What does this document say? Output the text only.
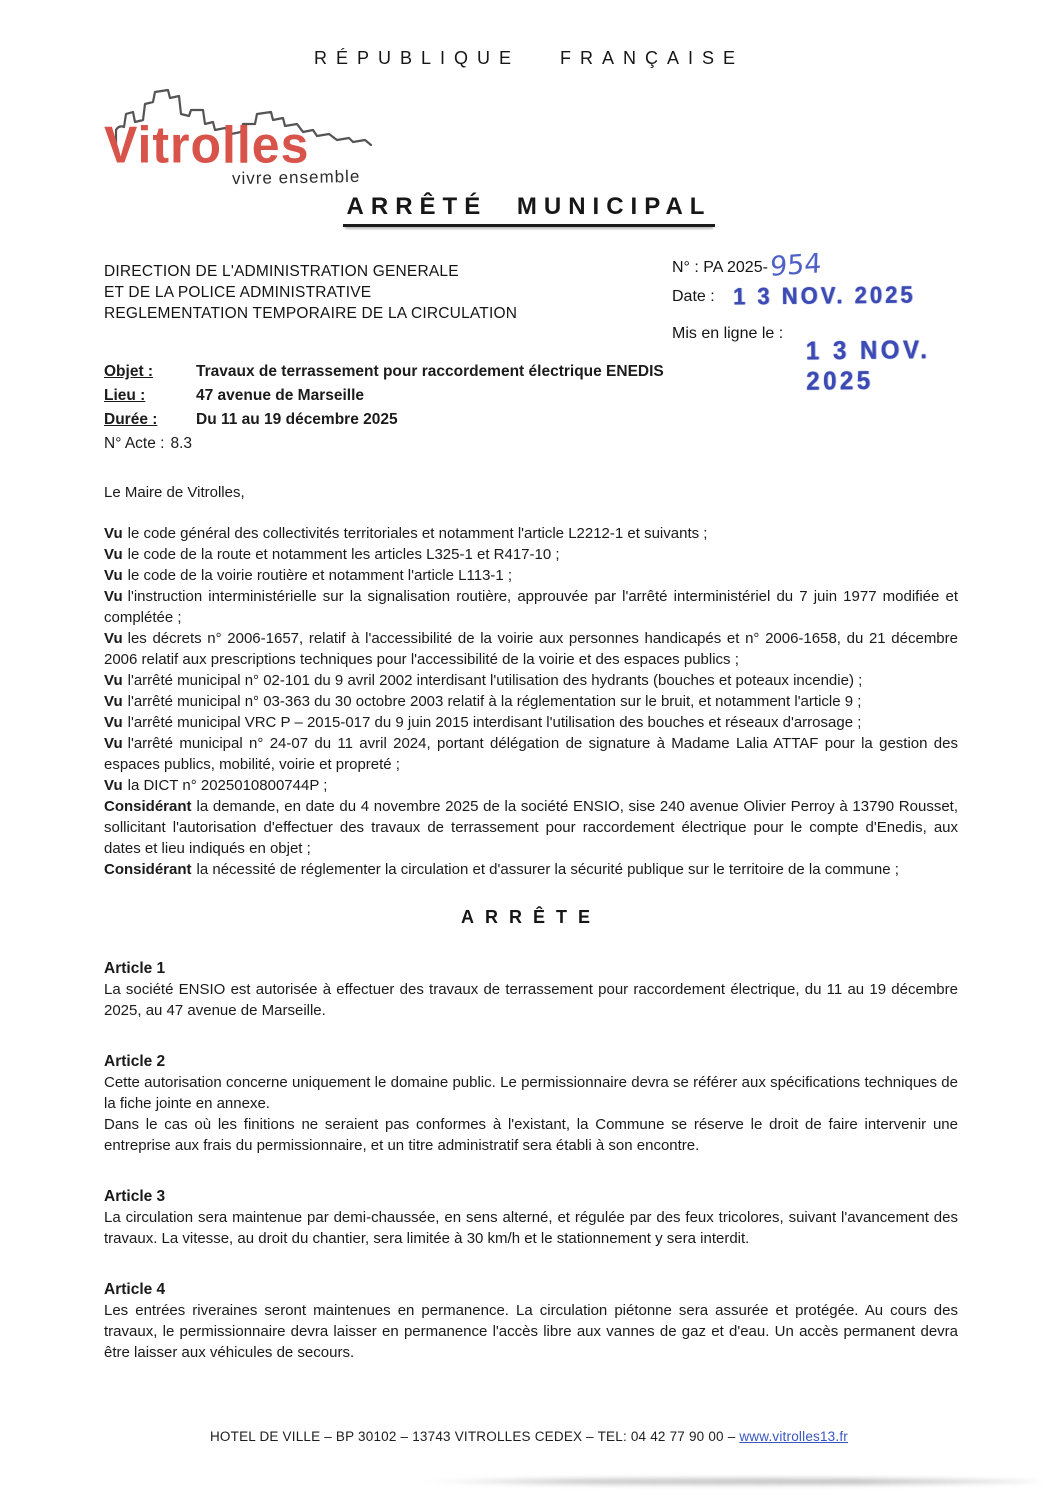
RÉPUBLIQUE FRANÇAISE
Vitrolles
vivre ensemble
ARRÊTÉ MUNICIPAL
DIRECTION DE L'ADMINISTRATION GENERALE
ET DE LA POLICE ADMINISTRATIVE
REGLEMENTATION TEMPORAIRE DE LA CIRCULATION
N° : PA 2025-954
Date : 1 3 NOV. 2025
Mis en ligne le :
1 3 NOV. 2025
Objet :	Travaux de terrassement pour raccordement électrique ENEDIS
Lieu :	47 avenue de Marseille
Durée :	Du 11 au 19 décembre 2025
N° Acte : 8.3

Le Maire de Vitrolles,

Vu le code général des collectivités territoriales et notamment l'article L2212-1 et suivants ;

Vu le code de la route et notamment les articles L325-1 et R417-10 ;

Vu le code de la voirie routière et notamment l'article L113-1 ;

Vu l'instruction interministérielle sur la signalisation routière, approuvée par l'arrêté interministériel du 7 juin 1977 modifiée et complétée ;

Vu les décrets n° 2006-1657, relatif à l'accessibilité de la voirie aux personnes handicapés et n° 2006-1658, du 21 décembre 2006 relatif aux prescriptions techniques pour l'accessibilité de la voirie et des espaces publics ;

Vu l'arrêté municipal n° 02-101 du 9 avril 2002 interdisant l'utilisation des hydrants (bouches et poteaux incendie) ;

Vu l'arrêté municipal n° 03-363 du 30 octobre 2003 relatif à la réglementation sur le bruit, et notamment l'article 9 ;

Vu l'arrêté municipal VRC P – 2015-017 du 9 juin 2015 interdisant l'utilisation des bouches et réseaux d'arrosage ;

Vu l'arrêté municipal n° 24-07 du 11 avril 2024, portant délégation de signature à Madame Lalia ATTAF pour la gestion des espaces publics, mobilité, voirie et propreté ;

Vu la DICT n° 2025010800744P ;

Considérant la demande, en date du 4 novembre 2025 de la société ENSIO, sise 240 avenue Olivier Perroy à 13790 Rousset, sollicitant l'autorisation d'effectuer des travaux de terrassement pour raccordement électrique pour le compte d'Enedis, aux dates et lieu indiqués en objet ;

Considérant la nécessité de réglementer la circulation et d'assurer la sécurité publique sur le territoire de la commune ;

ARRÊTE
Article 1

La société ENSIO est autorisée à effectuer des travaux de terrassement pour raccordement électrique, du 11 au 19 décembre 2025, au 47 avenue de Marseille.

Article 2

Cette autorisation concerne uniquement le domaine public. Le permissionnaire devra se référer aux spécifications techniques de la fiche jointe en annexe.

Dans le cas où les finitions ne seraient pas conformes à l'existant, la Commune se réserve le droit de faire intervenir une entreprise aux frais du permissionnaire, et un titre administratif sera établi à son encontre.

Article 3

La circulation sera maintenue par demi-chaussée, en sens alterné, et régulée par des feux tricolores, suivant l'avancement des travaux. La vitesse, au droit du chantier, sera limitée à 30 km/h et le stationnement y sera interdit.

Article 4

Les entrées riveraines seront maintenues en permanence. La circulation piétonne sera assurée et protégée. Au cours des travaux, le permissionnaire devra laisser en permanence l'accès libre aux vannes de gaz et d'eau. Un accès permanent devra être laisser aux véhicules de secours.

HOTEL DE VILLE – BP 30102 – 13743 VITROLLES CEDEX – TEL: 04 42 77 90 00 – www.vitrolles13.fr
